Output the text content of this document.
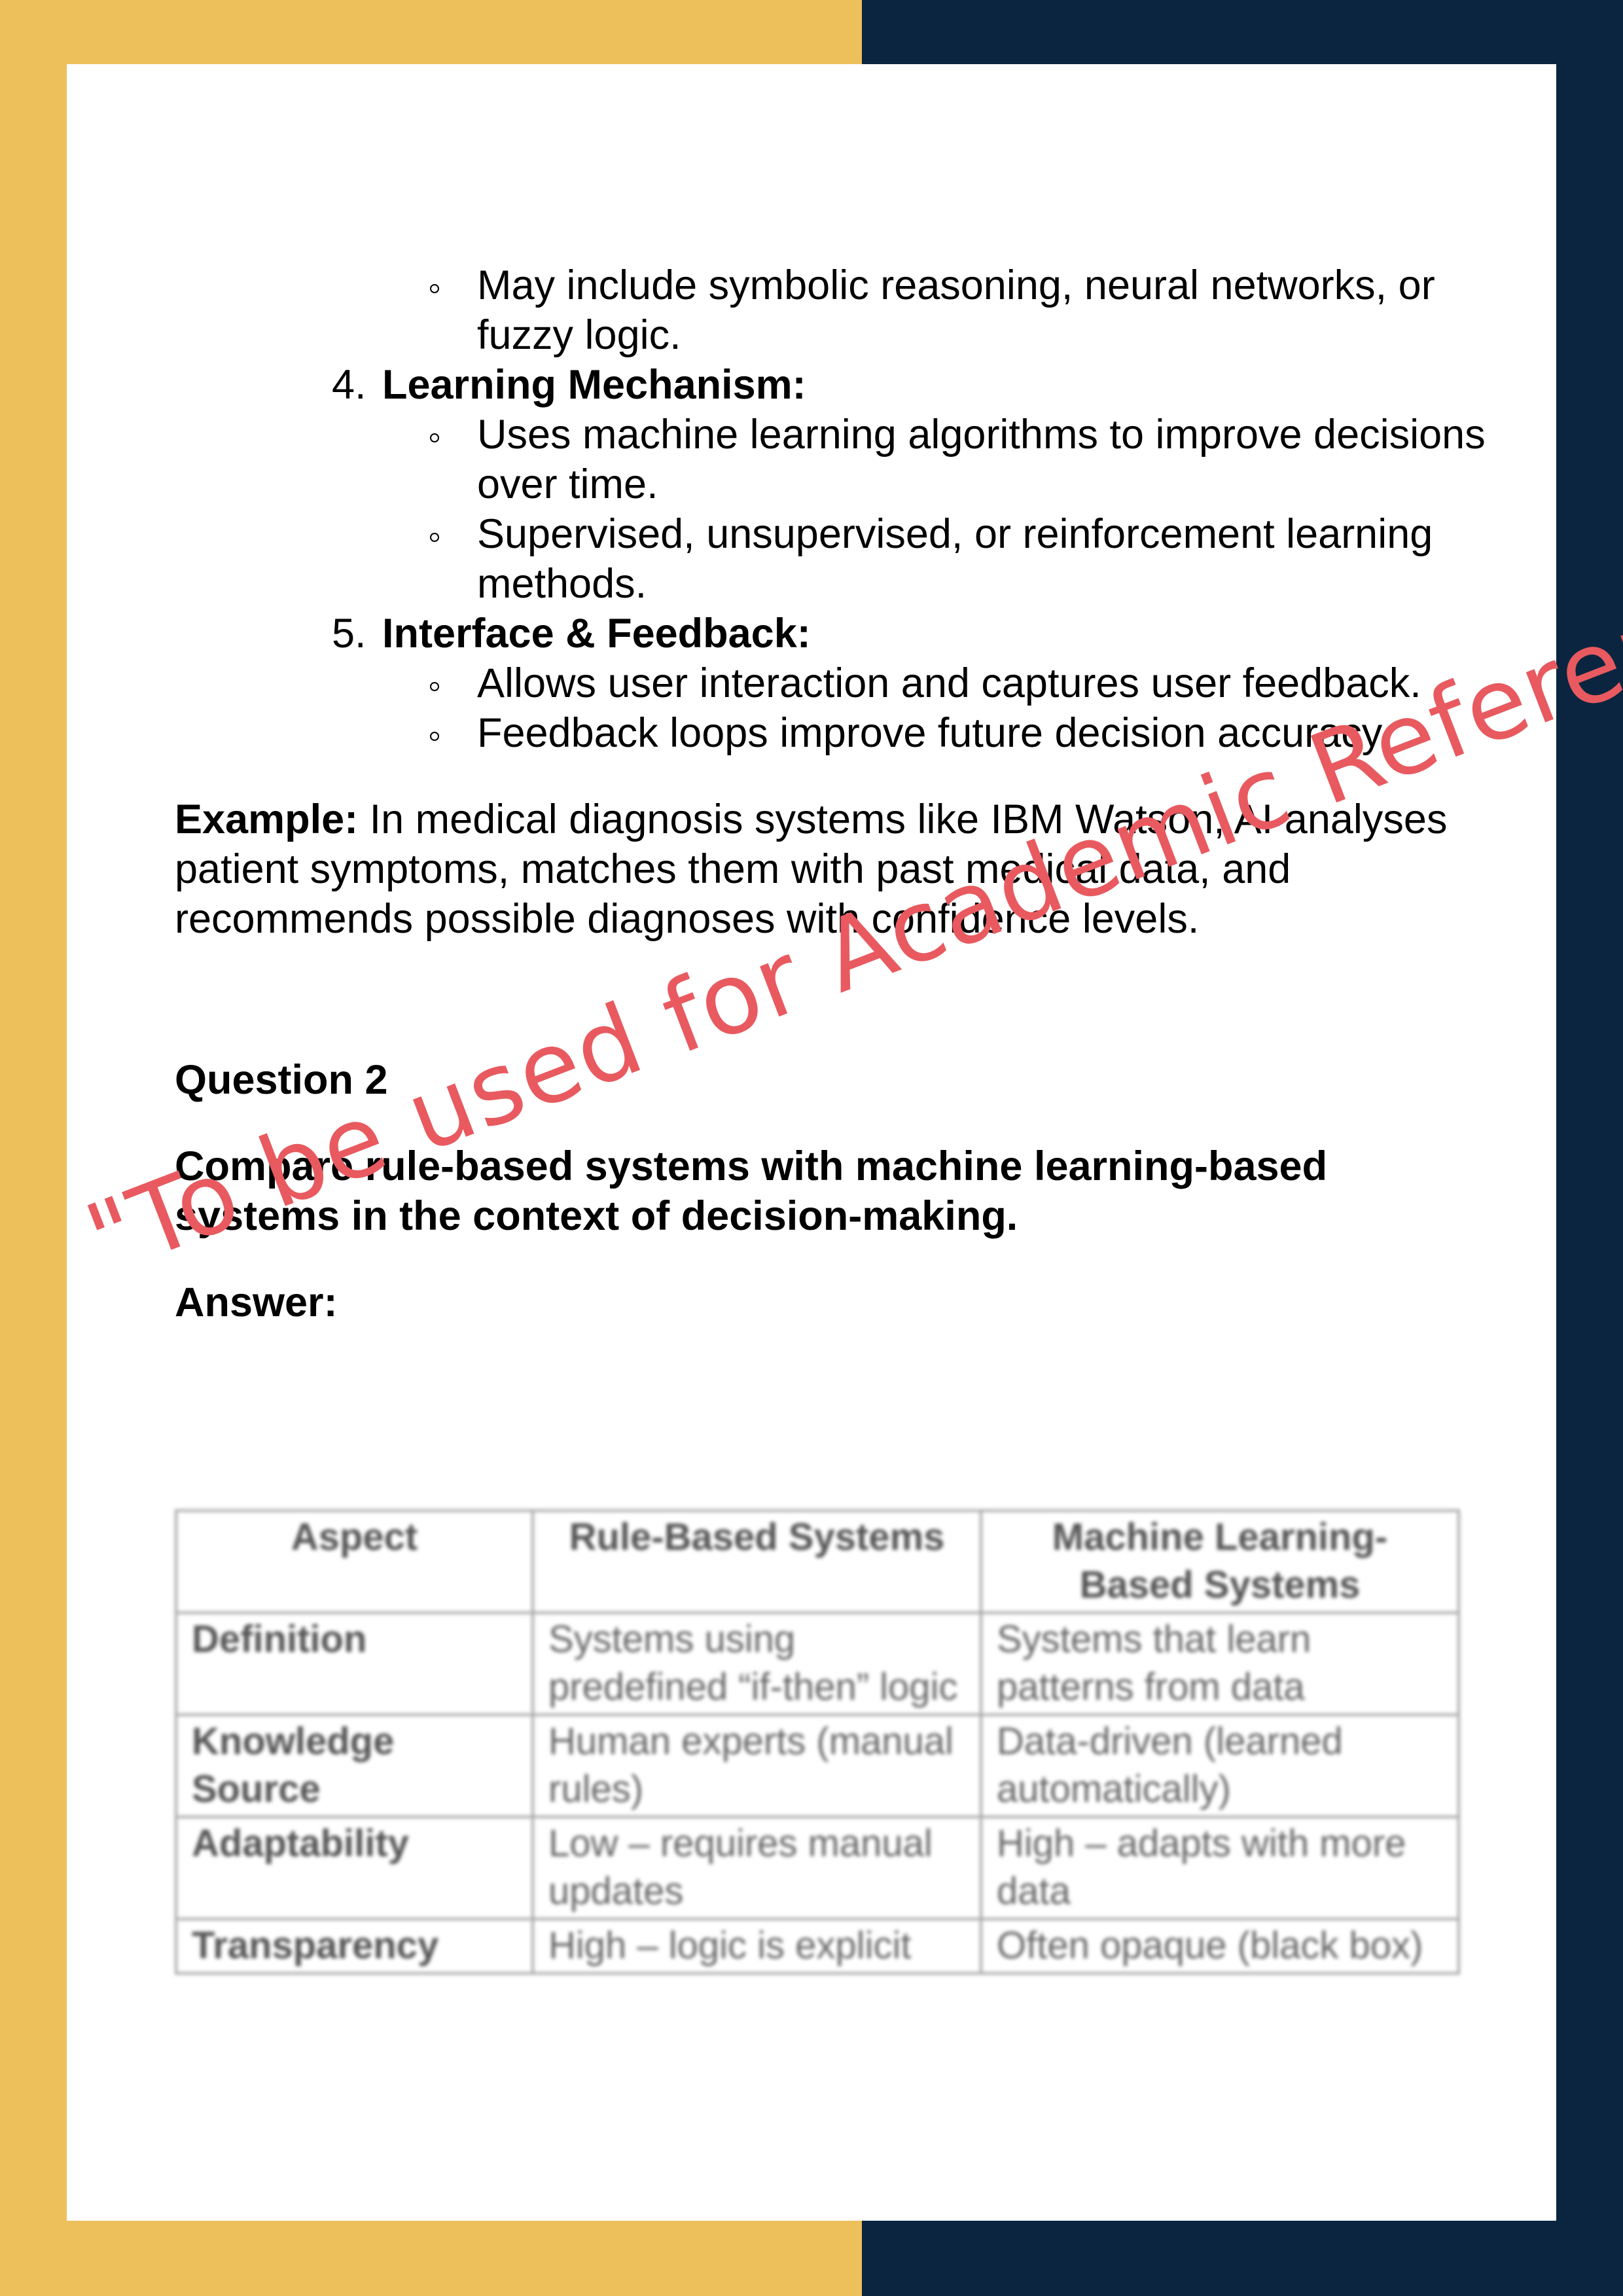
May include symbolic reasoning, neural networks, or fuzzy logic.
4. Learning Mechanism:
Uses machine learning algorithms to improve decisions over time.
Supervised, unsupervised, or reinforcement learning methods.
5. Interface & Feedback:
Allows user interaction and captures user feedback.
Feedback loops improve future decision accuracy.
Example: In medical diagnosis systems like IBM Watson, AI analyses patient symptoms, matches them with past medical data, and recommends possible diagnoses with confidence levels.
Question 2
Compare rule-based systems with machine learning-based systems in the context of decision-making.
Answer:
Aspect	Rule-Based Systems	Machine Learning-Based Systems
Definition	Systems using predefined “if-then” logic	Systems that learn patterns from data
Knowledge Source	Human experts (manual rules)	Data-driven (learned automatically)
Adaptability	Low – requires manual updates	High – adapts with more data
Transparency	High – logic is explicit	Often opaque (black box)
"To be used for Academic Reference
